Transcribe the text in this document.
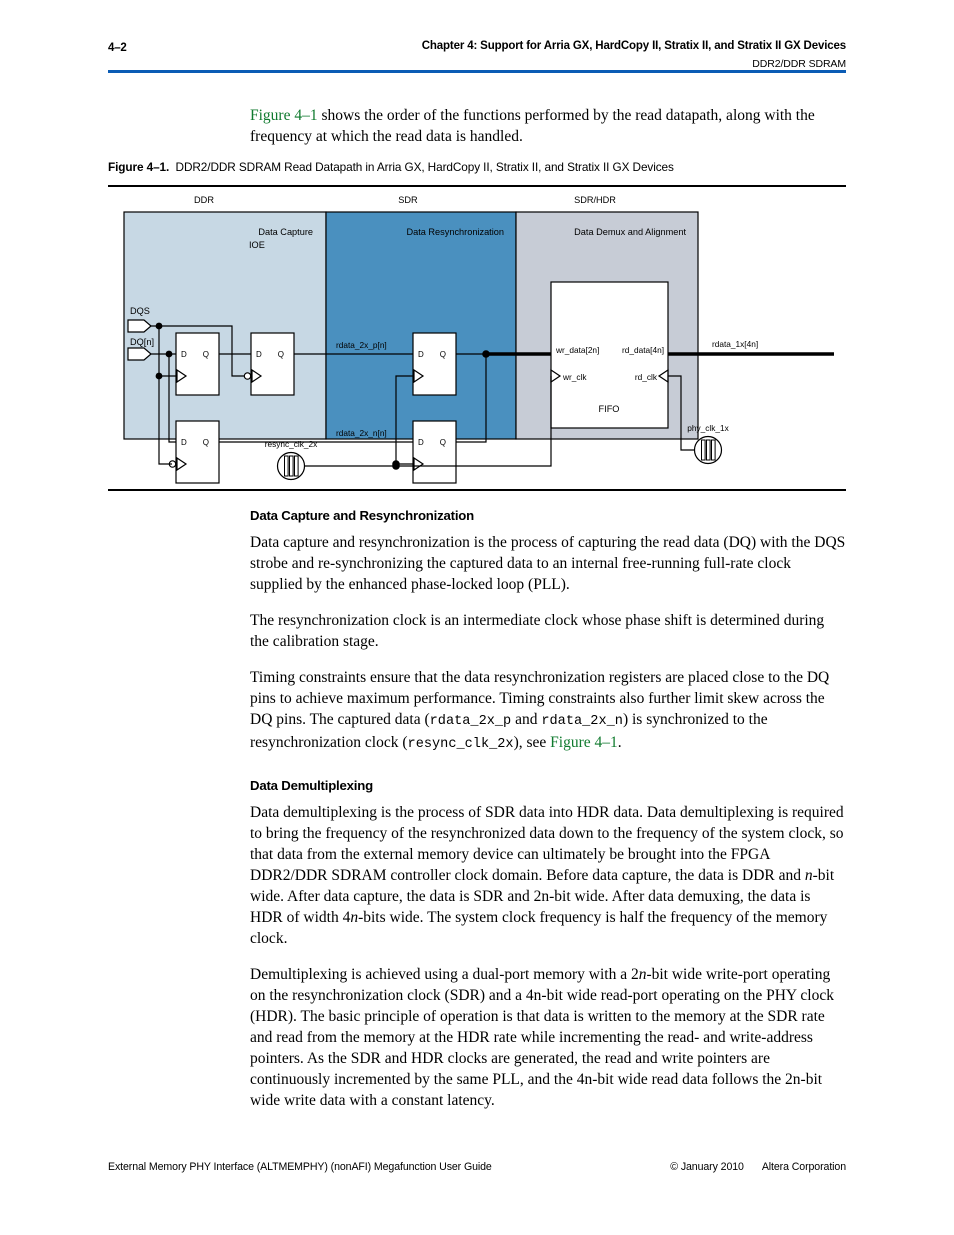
4–2	Chapter 4: Support for Arria GX, HardCopy II, Stratix II, and Stratix II GX Devices
DDR2/DDR SDRAM
Figure 4–1 shows the order of the functions performed by the read datapath, along with the frequency at which the read data is handled.
Figure 4–1. DDR2/DDR SDRAM Read Datapath in Arria GX, HardCopy II, Stratix II, and Stratix II GX Devices
DDR	SDR	SDR/HDR
Data Capture
IOE
Data Resynchronization	Data Demux and Alignment
DQS
DQ[n]
D Q
D Q
D Q	D Q
D Q
wr_data[2n]	rd_data[4n]
wr_clk	rd_clk
FIFO
rdata_2x_p[n]
rdata_2x_n[n]
rdata_1x[4n]
resync_clk_2x
phy_clk_1x
Data Capture and Resynchronization

Data capture and resynchronization is the process of capturing the read data (DQ) with the DQS strobe and re-synchronizing the captured data to an internal free-running full-rate clock supplied by the enhanced phase-locked loop (PLL).

The resynchronization clock is an intermediate clock whose phase shift is determined during the calibration stage.

Timing constraints ensure that the data resynchronization registers are placed close to the DQ pins to achieve maximum performance. Timing constraints also further limit skew across the DQ pins. The captured data (rdata_2x_p and rdata_2x_n) is synchronized to the resynchronization clock (resync_clk_2x), see Figure 4–1.

Data Demultiplexing

Data demultiplexing is the process of SDR data into HDR data. Data demultiplexing is required to bring the frequency of the resynchronized data down to the frequency of the system clock, so that data from the external memory device can ultimately be brought into the FPGA DDR2/DDR SDRAM controller clock domain. Before data capture, the data is DDR and n-bit wide. After data capture, the data is SDR and 2n-bit wide. After data demuxing, the data is HDR of width 4n-bits wide. The system clock frequency is half the frequency of the memory clock.

Demultiplexing is achieved using a dual-port memory with a 2n-bit wide write-port operating on the resynchronization clock (SDR) and a 4n-bit wide read-port operating on the PHY clock (HDR). The basic principle of operation is that data is written to the memory at the SDR rate and read from the memory at the HDR rate while incrementing the read- and write-address pointers. As the SDR and HDR clocks are generated, the read and write pointers are continuously incremented by the same PLL, and the 4n-bit wide read data follows the 2n-bit wide write data with a constant latency.

External Memory PHY Interface (ALTMEMPHY) (nonAFI) Megafunction User Guide	© January 2010 Altera Corporation
